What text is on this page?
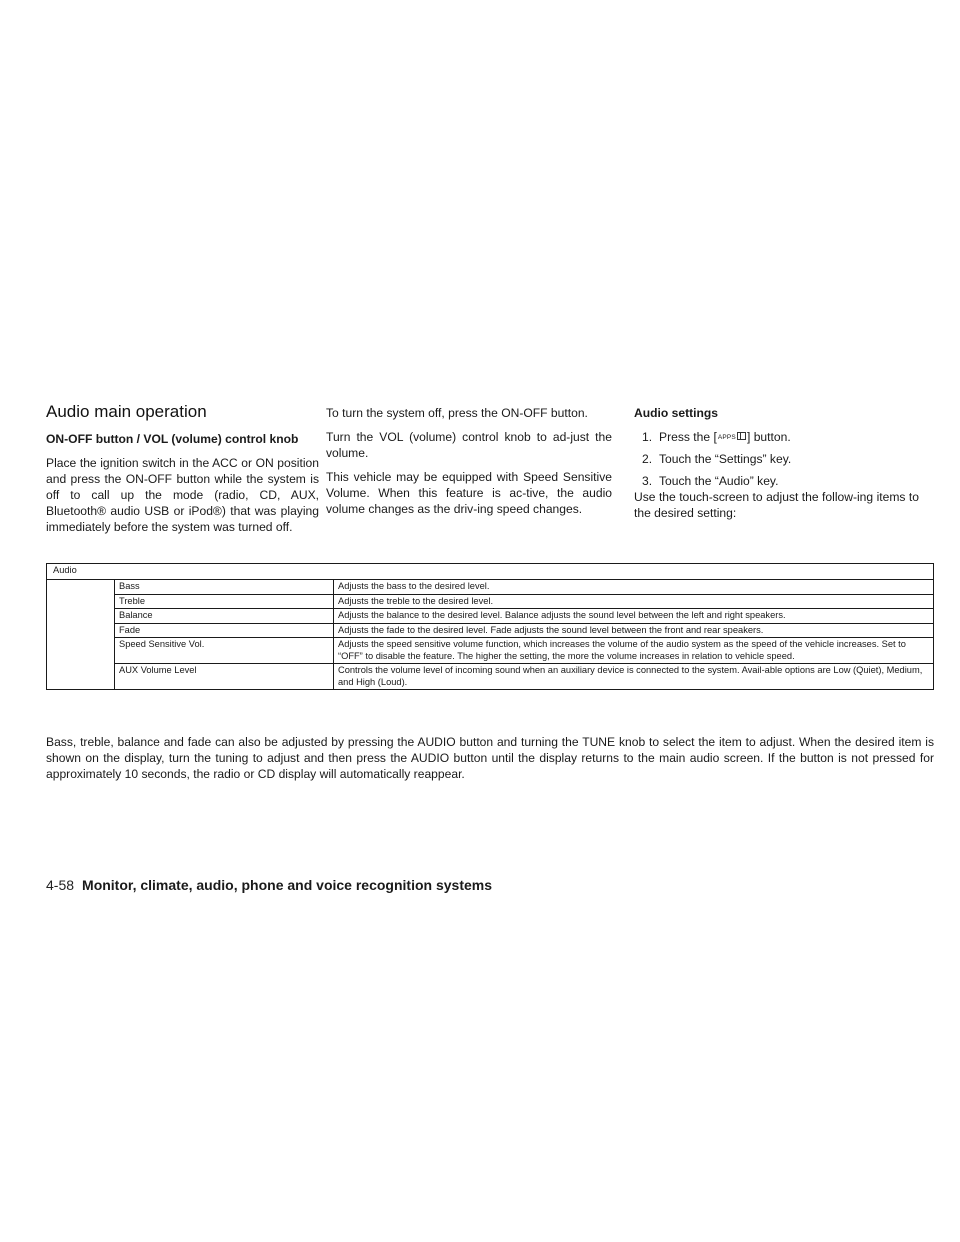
Audio main operation

ON-OFF button / VOL (volume) control knob

Place the ignition switch in the ACC or ON position and press the ON-OFF button while the system is off to call up the mode (radio, CD, AUX, Bluetooth® audio USB or iPod®) that was playing immediately before the system was turned off.

To turn the system off, press the ON-OFF button.

Turn the VOL (volume) control knob to ad-just the volume.

This vehicle may be equipped with Speed Sensitive Volume. When this feature is ac-tive, the audio volume changes as the driv-ing speed changes.

Audio settings

1. Press the [APPS ] button.
2. Touch the “Settings” key.
3. Touch the “Audio” key.

Use the touch-screen to adjust the follow-ing items to the desired setting:

Audio		
	Bass	Adjusts the bass to the desired level.
	Treble	Adjusts the treble to the desired level.
	Balance	Adjusts the balance to the desired level. Balance adjusts the sound level between the left and right speakers.
	Fade	Adjusts the fade to the desired level. Fade adjusts the sound level between the front and rear speakers.
	Speed Sensitive Vol.	Adjusts the speed sensitive volume function, which increases the volume of the audio system as the speed of the vehicle increases. Set to “OFF” to disable the feature. The higher the setting, the more the volume increases in relation to vehicle speed.
	AUX Volume Level	Controls the volume level of incoming sound when an auxiliary device is connected to the system. Avail-able options are Low (Quiet), Medium, and High (Loud).
Bass, treble, balance and fade can also be adjusted by pressing the AUDIO button and turning the TUNE knob to select the item to adjust. When the desired item is shown on the display, turn the tuning to adjust and then press the AUDIO button until the display returns to the main audio screen. If the button is not pressed for approximately 10 seconds, the radio or CD display will automatically reappear.
4-58 Monitor, climate, audio, phone and voice recognition systems
